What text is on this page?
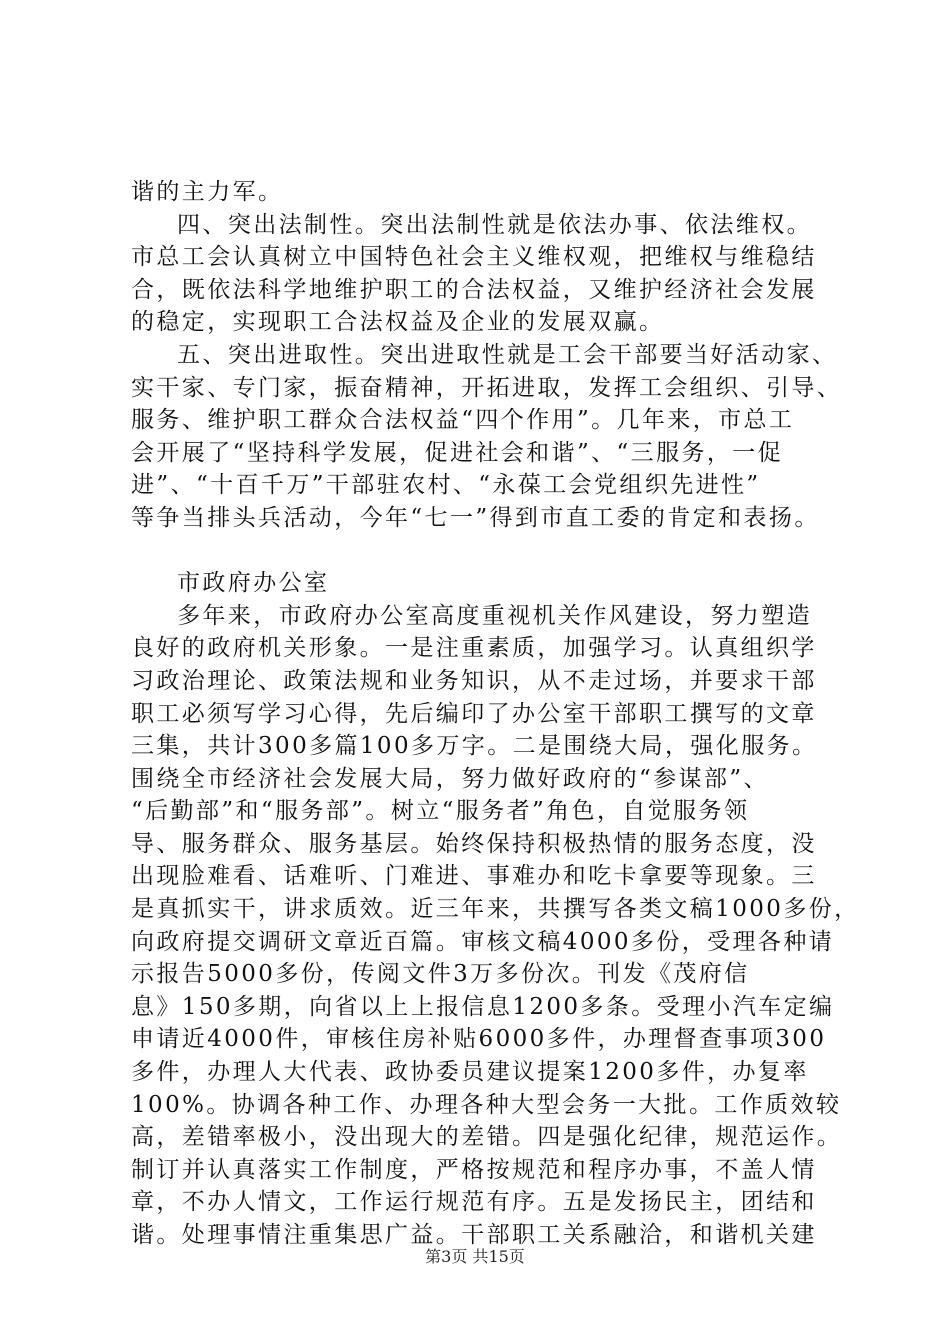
谐的主力军。
四、突出法制性。突出法制性就是依法办事、依法维权。
市总工会认真树立中国特色社会主义维权观，把维权与维稳结
合，既依法科学地维护职工的合法权益，又维护经济社会发展
的稳定，实现职工合法权益及企业的发展双赢。
五、突出进取性。突出进取性就是工会干部要当好活动家、
实干家、专门家，振奋精神，开拓进取，发挥工会组织、引导、
服务、维护职工群众合法权益“四个作用”。几年来，市总工
会开展了“坚持科学发展，促进社会和谐”、“三服务，一促
进”、“十百千万”干部驻农村、“永葆工会党组织先进性”
等争当排头兵活动，今年“七一”得到市直工委的肯定和表扬。
市政府办公室
多年来，市政府办公室高度重视机关作风建设，努力塑造
良好的政府机关形象。一是注重素质，加强学习。认真组织学
习政治理论、政策法规和业务知识，从不走过场，并要求干部
职工必须写学习心得，先后编印了办公室干部职工撰写的文章
三集，共计300多篇100多万字。二是围绕大局，强化服务。
围绕全市经济社会发展大局，努力做好政府的“参谋部”、
“后勤部”和“服务部”。树立“服务者”角色，自觉服务领
导、服务群众、服务基层。始终保持积极热情的服务态度，没
出现脸难看、话难听、门难进、事难办和吃卡拿要等现象。三
是真抓实干，讲求质效。近三年来，共撰写各类文稿1000多份，
向政府提交调研文章近百篇。审核文稿4000多份，受理各种请
示报告5000多份，传阅文件3万多份次。刊发《茂府信
息》150多期，向省以上上报信息1200多条。受理小汽车定编
申请近4000件，审核住房补贴6000多件，办理督查事项300
多件，办理人大代表、政协委员建议提案1200多件，办复率
100%。协调各种工作、办理各种大型会务一大批。工作质效较
高，差错率极小，没出现大的差错。四是强化纪律，规范运作。
制订并认真落实工作制度，严格按规范和程序办事，不盖人情
章，不办人情文，工作运行规范有序。五是发扬民主，团结和
谐。处理事情注重集思广益。干部职工关系融洽，和谐机关建
第3页 共15页
